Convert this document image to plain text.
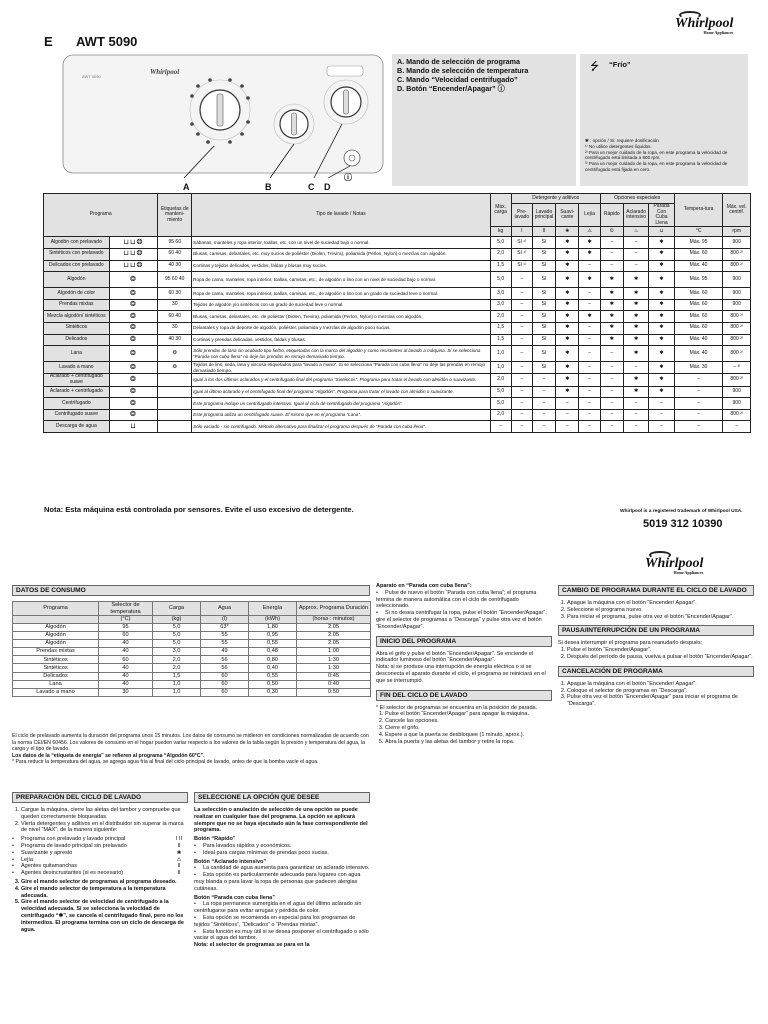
E AWT 5090
Whirlpool
Home Appliances
AWT 5090
Whirlpool
A	B	C D
ⓘ

A. Mando de selección de programa

B. Mando de selección de temperatura

C. Mando “Velocidad centrifugado”

D. Botón “Encender/Apagar” ⓘ

⭍ “Frío”

✱ : opción / Si: requiere dosificación

¹⁾ No utilice detergentes líquidos.

²⁾ Para un mejor cuidado de la ropa, en este programa la velocidad de centrifugado está limitada a 800 rpm.

³⁾ Para un mejor cuidado de la ropa, en este programa la velocidad de centrifugado está fijada en cero.

Programa		Etiquetas de manteni-miento	Tipo de lavado / Notas	Máx. carga	Detergente y aditivos				Opciones especiales			Tempera-tura	Máx. vel. centrif.
					Pre-lavado	Lavado principal	Suavi-cante	Lejía	Rápido	Aclarado intensivo	Parada Con Cuba Llena		
				kg	I	II	❀	⚠	⏲	♨	⊔	°C	rpm
Algodón con prelavado	⊔⊔❂	95 60	Sábanas, manteles y ropa interior, toallas, etc. con un nivel de suciedad bajo o normal.	5,0	Sí ¹⁾	Sí	✱	✱	–	–	✱	Máx. 95	900
Sintéticos con prelavado	⊔⊔❂	60 40	Blusas, camisas, delantales, etc. muy sucios de poliéster (Diolen, Trevira), poliamida (Perlon, Nylon) o mezclas con algodón.	2,0	Sí ¹⁾	Sí	✱	✱	–	–	✱	Máx. 60	800 ²⁾
Delicados con prelavado	⊔⊔❂	40 30	Cortinas y tejidos delicados, vestidos, faldas y blusas muy sucios.	1,5	Sí ¹⁾	Sí	✱	–	–	–	✱	Máx. 40	800 ²⁾
Algodón	❂	95 60 40	Ropa de cama, manteles, ropa interior, toallas, camisas, etc., de algodón o lino con un nivel de suciedad bajo o normal.	5,0	–	Sí	✱	✱	✱	✱	✱	Máx. 95	900
Algodón de color	❂	60 30	Ropa de cama, manteles, ropa interior, toallas, camisas, etc., de algodón o lino con un grado de suciedad leve o normal.	3,0	–	Sí	✱	–	✱	✱	✱	Máx. 60	900
Prendas mixtas	❂	30	Tejidos de algodón y/o sintéticos con un grado de suciedad leve o normal.	3,0	–	Sí	✱	–	✱	✱	✱	Máx. 60	900
Mezcla algodón/ sintéticos	❂	60 40	Blusas, camisas, delantales, etc. de poliéster (Diolen, Trevira), poliamida (Perlon, Nylon) o mezclas con algodón.	2,0	–	Sí	✱	✱	✱	✱	✱	Máx. 60	800 ²⁾
Sintéticos	❂	30	Delantales y ropa de deporte de algodón, poliéster, poliamida y mezclas de algodón poco sucias.	1,5	–	Sí	✱	–	✱	✱	✱	Máx. 60	800 ²⁾
Delicados	❂	40 30	Cortinas y prendas delicadas, vestidos, faldas y blusas.	1,5	–	Sí	✱	–	✱	✱	✱	Máx. 40	800 ²⁾
Lana	❂	❂	Sólo prendas de lana sin acabado tipo fieltro, etiquetadas con la marca del algodón y como resistentes al lavado a máquina. Si se selecciona “Parada con cuba llena” no deje las prendas en remojo demasiado tiempo.	1,0	–	Sí	✱	–	–	✱	✱	Máx. 40	800 ²⁾
Lavado a mano	❂	❂	Tejidos de lino, seda, lana y viscosa etiquetados para “lavado a mano”. Si se selecciona “Parada con cuba llena” no deje las prendas en remojo demasiado tiempo.	1,0	–	Sí	✱	–	–	–	✱	Máx. 30	– ³⁾
Aclarado + centrifugado suave	❂		Igual a los dos últimos aclarados y el centrifugado final del programa “Sintéticos”. Programa para tratar el lavado con almidón o suavizante.	2,0	–	–	✱	–	–	✱	✱	–	800 ²⁾
Aclarado + centrifugado	❂		Igual al último aclarado y el centrifugado final del programa “Algodón”. Programa para tratar el lavado con almidón o suavizante.	5,0	–	–	✱	–	–	✱	✱	–	900
Centrifugado	❂		Este programa incluye un centrifugado intensivo. Igual al ciclo de centrifugado del programa “Algodón”.	5,0	–	–	–	–	–	–	–	–	900
Centrifugado suave	❂		Este programa utiliza un centrifugado suave. El mismo que en el programa “Lana”.	2,0	–	–	–	–	–	–	–	–	800 ²⁾
Descarga de agua	⊔		Sólo vaciado - sin centrifugado. Método alternativo para finalizar el programa después de “Parada con cuba llena”.	–	–	–	–	–	–	–	–	–	–
Nota: Esta máquina está controlada por sensores. Evite el uso excesivo de detergente.	Whirlpool is a registered trademark of Whirlpool USA.
5019 312 10390
Whirlpool
Home Appliances
DATOS DE CONSUMO
Programa	Selector de temperatura	Carga	Agua	Energía	Approx. Programa Duración
	(°C)	(kg)	(l)	(kWh)	(horas : minutos)
Algodón	95	5,0	63*	1,80	2:05
Algodón	60	5,0	55	0,95	2:05
Algodón	40	5,0	55	0,55	2:05
Prendas mixtas	40	3,0	49	0,48	1:00
Sintéticos	60	2,0	56	0,80	1:30
Sintéticos	40	2,0	56	0,40	1:30
Delicados	40	1,5	60	0,55	0:45
Lana	40	1,0	60	0,50	0:40
Lavado a mano	30	1,0	60	0,30	0:50

El ciclo de prelavado aumenta la duración del programa unos 15 minutos. Los datos de consumo se midieron en condiciones normalizadas de acuerdo con la norma CEI/EN 60456. Los valores de consumo en el hogar pueden variar respecto a los valores de la tabla según la presión y temperatura del agua, la carga y el tipo de lavado.

Los datos de la “etiqueta de energía” se refieren al programa “Algodón 60°C”.

* Para reducir la temperatura del agua, se agrega agua fría al final del ciclo principal de lavado, antes de que la bomba vacíe el agua.

PREPARACIÓN DEL CICLO DE LAVADO
1. Cargue la máquina, cierre las aletas del tambor y compruebe que queden correctamente bloqueadas.
2. Vierta detergentes y aditivos en el distribuidor sin superar la marca de nivel “MAX”, de la manera siguiente:
• Programa con prelavado y lavado principal	I II
• Programa de lavado principal sin prelavado	II
• Suavizante y apresto	❀
• Lejía	⚠
• Agentes quitamanchas	II
• Agentes desincrustantes (si es necesario)	II
3. Gire el mando selector de programas al programa deseado.
4. Gire el mando selector de temperatura a la temperatura adecuada.
5. Gire el mando selector de velocidad de centrifugado a la velocidad adecuada. Si se selecciona la velocidad de centrifugado “✱”, se cancela el centrifugado final, pero no los intermedios. El programa termina con un ciclo de descarga de agua.
SELECCIONE LA OPCIÓN QUE DESEE

La selección o anulación de selección de una opción se puede realizar en cualquier fase del programa. La opción se aplicará siempre que no se haya ejecutado aún la fase correspondiente del programa.

Botón “Rápido”

• Para lavados rápidos y económicos.
• Ideal para cargas mínimas de prendas poco sucias.

Botón “Aclarado intensivo”

• La cantidad de agua aumenta para garantizar un aclarado intensivo.
• Esta opción es particularmente adecuada para lugares con agua muy blanda o para lavar la ropa de personas que padecen alergias cutáneas.

Botón “Parada con cuba llena”

• La ropa permanece sumergida en el agua del último aclarado sin centrifugarse para evitar arrugas y pérdida de color.
• Esta opción se recomienda en especial para los programas de tejidos “Sintéticos”, “Delicados” o “Prendas mixtas”.
• Esta función es muy útil si se desea posponer el centrifugado o sólo vaciar el agua del tambor.

Nota: el selector de programas se para en la

Aparato en “Parada con cuba llena”:

• Pulse de nuevo el botón “Parada con cuba llena”; el programa termina de manera automática con el ciclo de centrifugado seleccionado.
• Si no desea centrifugar la ropa, pulse el botón “Encender/Apagar”, gire el selector de programas a “Descarga” y pulse otra vez el botón “Encender/Apagar”.
INICIO DEL PROGRAMA

Abra el grifo y pulse el botón “Encender/Apagar”. Se enciende el indicador luminoso del botón “Encender/Apagar”.

Nota: si se produce una interrupción de energía eléctrica o si se desconecta el aparato durante el ciclo, el programa se reiniciará en el que se interrumpió.

FIN DEL CICLO DE LAVADO

* El selector de programas se encuentra en la posición de parada.

1. Pulse el botón “Encender/Apagar” para apagar la máquina.
2. Cancele las opciones.
3. Cierre el grifo.
4. Espere a que la puerta se desbloquee (1 minuto, aprox.).
5. Abra la puerta y las aletas del tambor y retire la ropa.
CAMBIO DE PROGRAMA DURANTE EL CICLO DE LAVADO
1. Apague la máquina con el botón “Encender/ Apagar”.
2. Seleccione el programa nuevo.
3. Para iniciar el programa, pulse otra vez el botón “Encender/Apagar”.
PAUSA/INTERRUPCIÓN DE UN PROGRAMA

Si desea interrumpir el programa para reanudarlo después:

1. Pulse el botón “Encender/Apagar”.
2. Después del período de pausa, vuelva a pulsar el botón “Encender/Apagar”.
CANCELACIÓN DE PROGRAMA
1. Apague la máquina con el botón “Encender/ Apagar”.
2. Coloque el selector de programas en “Descarga”.
3. Pulse otra vez el botón “Encender/Apagar” para iniciar el programa de “Descarga”.
